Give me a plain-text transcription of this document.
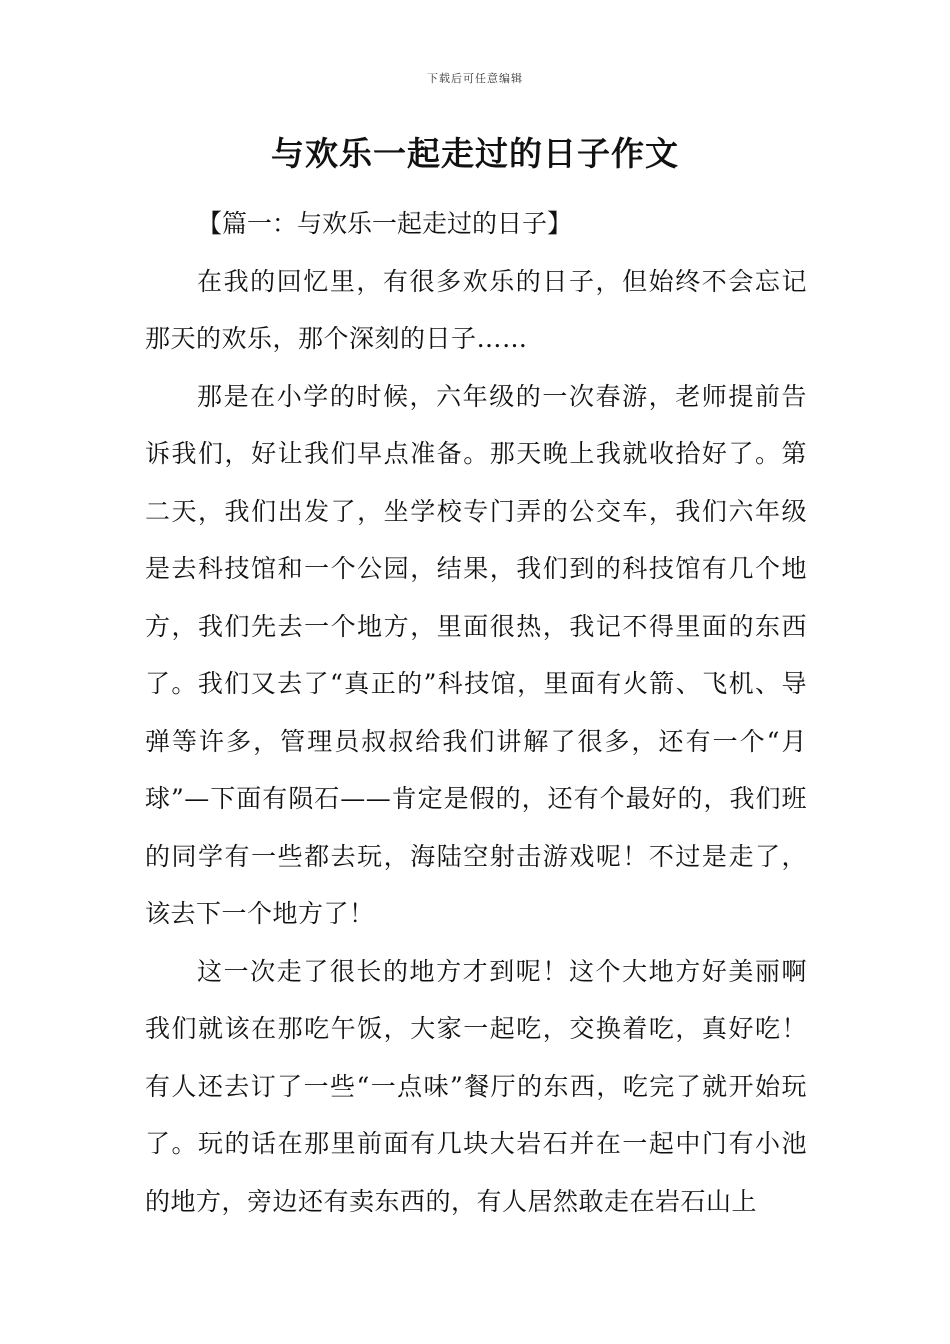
下载后可任意编辑
与欢乐一起走过的日子作文

【篇一：与欢乐一起走过的日子】

在我的回忆里，有很多欢乐的日子，但始终不会忘记那天的欢乐，那个深刻的日子……

那是在小学的时候，六年级的一次春游，老师提前告诉我们，好让我们早点准备。那天晚上我就收拾好了。第二天，我们出发了，坐学校专门弄的公交车，我们六年级是去科技馆和一个公园，结果，我们到的科技馆有几个地方，我们先去一个地方，里面很热，我记不得里面的东西了。我们又去了“真正的”科技馆，里面有火箭、飞机、导弹等许多，管理员叔叔给我们讲解了很多，还有一个“月球”—下面有陨石——肯定是假的，还有个最好的，我们班的同学有一些都去玩，海陆空射击游戏呢！不过是走了，该去下一个地方了！

这一次走了很长的地方才到呢！这个大地方好美丽啊我们就该在那吃午饭，大家一起吃，交换着吃，真好吃！有人还去订了一些“一点味”餐厅的东西，吃完了就开始玩了。玩的话在那里前面有几块大岩石并在一起中门有小池的地方，旁边还有卖东西的，有人居然敢走在岩石山上
